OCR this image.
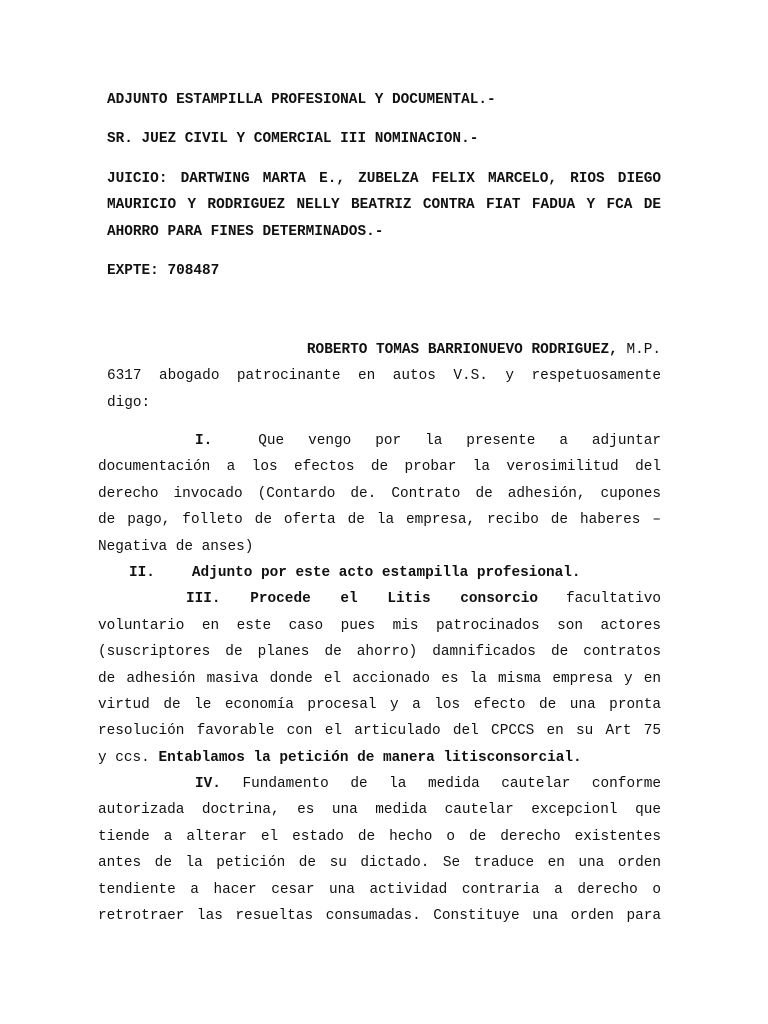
ADJUNTO ESTAMPILLA PROFESIONAL Y DOCUMENTAL.-
SR. JUEZ CIVIL Y COMERCIAL III NOMINACION.-
JUICIO: DARTWING MARTA E., ZUBELZA FELIX MARCELO, RIOS DIEGO MAURICIO Y RODRIGUEZ NELLY BEATRIZ CONTRA FIAT FADUA Y FCA DE AHORRO PARA FINES DETERMINADOS.-
EXPTE: 708487
ROBERTO TOMAS BARRIONUEVO RODRIGUEZ, M.P.
6317 abogado patrocinante en autos V.S. y respetuosamente
digo:
I.	Que vengo por la presente a adjuntar
documentación a los efectos de probar la verosimilitud del
derecho invocado (Contardo de. Contrato de adhesión, cupones
de pago, folleto de oferta de la empresa, recibo de haberes –
Negativa de anses)
II.	Adjunto por este acto estampilla profesional.
III. Procede el Litis consorcio facultativo
voluntario en este caso pues mis patrocinados son actores
(suscriptores de planes de ahorro) damnificados de contratos
de adhesión masiva donde el accionado es la misma empresa y en
virtud de le economía procesal y a los efecto de una pronta
resolución favorable con el articulado del CPCCS en su Art 75
y ccs. Entablamos la petición de manera litisconsorcial.
IV. Fundamento de la medida cautelar conforme
autorizada doctrina, es una medida cautelar excepcionl que
tiende a alterar el estado de hecho o de derecho existentes
antes de la petición de su dictado. Se traduce en una orden
tendiente a hacer cesar una actividad contraria a derecho o
retrotraer las resueltas consumadas. Constituye una orden para
